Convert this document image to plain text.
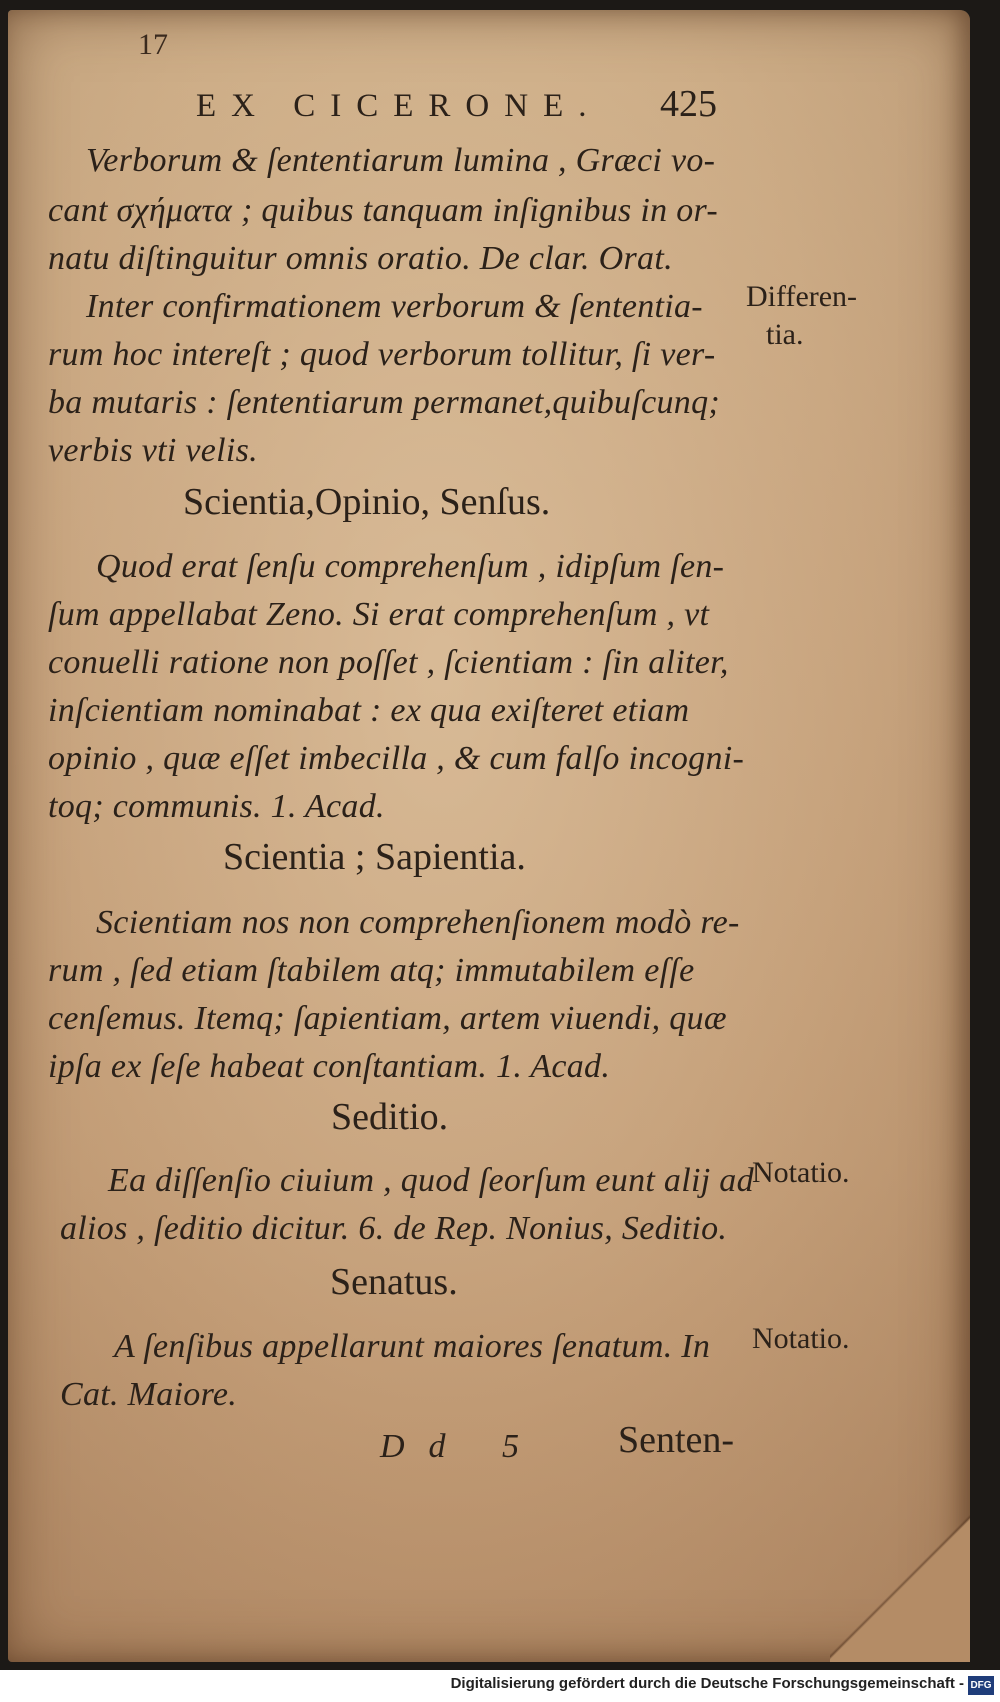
17
EX CICERONE. 425
Verborum & ſententiarum lumina , Græci vo-
cant σχήματα ; quibus tanquam inſignibus in or-
natu diſtinguitur omnis oratio. De clar. Orat.
Inter confirmationem verborum & ſententia-
rum hoc intereſt ; quod verborum tollitur, ſi ver-
ba mutaris : ſententiarum permanet,quibuſcunq;
verbis vti velis.
Differen-
tia.
Scientia,Opinio, Senſus.
Quod erat ſenſu comprehenſum , idipſum ſen-
ſum appellabat Zeno. Si erat comprehenſum , vt
conuelli ratione non poſſet , ſcientiam : ſin aliter,
inſcientiam nominabat : ex qua exiſteret etiam
opinio , quæ eſſet imbecilla , & cum falſo incogni-
toq; communis. 1. Acad.
Scientia ; Sapientia.
Scientiam nos non comprehenſionem modò re-
rum , ſed etiam ſtabilem atq; immutabilem eſſe
cenſemus. Itemq; ſapientiam, artem viuendi, quæ
ipſa ex ſeſe habeat conſtantiam. 1. Acad.
Seditio.
Ea diſſenſio ciuium , quod ſeorſum eunt alij ad
alios , ſeditio dicitur. 6. de Rep. Nonius, Seditio.
Notatio.
Senatus.
A ſenſibus appellarunt maiores ſenatum. In
Cat. Maiore.
Notatio.
Dd 5 Senten-
Digitalisierung gefördert durch die Deutsche Forschungsgemeinschaft - DFG
